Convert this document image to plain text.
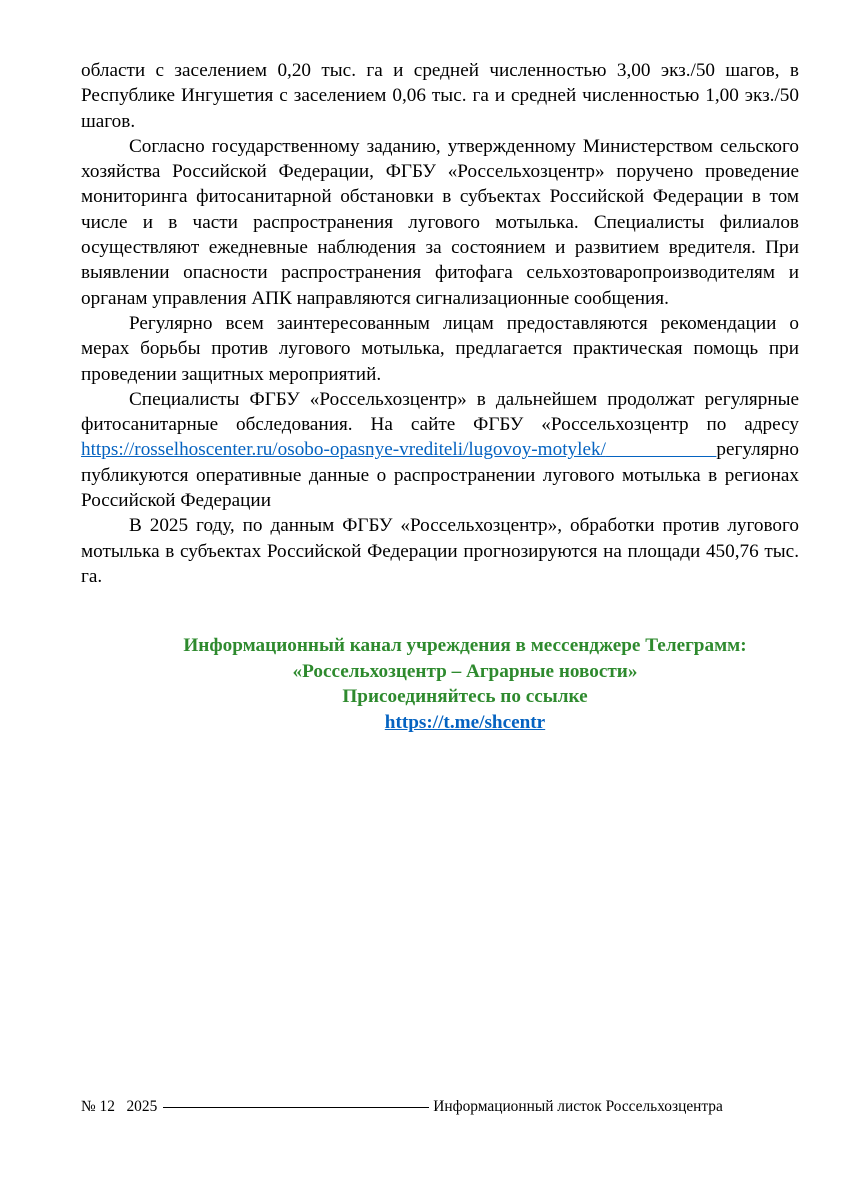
области с заселением 0,20 тыс. га и средней численностью 3,00 экз./50 шагов, в Республике Ингушетия с заселением 0,06 тыс. га и средней численностью 1,00 экз./50 шагов.

Согласно государственному заданию, утвержденному Министерством сельского хозяйства Российской Федерации, ФГБУ «Россельхозцентр» поручено проведение мониторинга фитосанитарной обстановки в субъектах Российской Федерации в том числе и в части распространения лугового мотылька. Специалисты филиалов осуществляют ежедневные наблюдения за состоянием и развитием вредителя. При выявлении опасности распространения фитофага сельхозтоваропроизводителям и органам управления АПК направляются сигнализационные сообщения.

Регулярно всем заинтересованным лицам предоставляются рекомендации о мерах борьбы против лугового мотылька, предлагается практическая помощь при проведении защитных мероприятий.

Специалисты ФГБУ «Россельхозцентр» в дальнейшем продолжат регулярные фитосанитарные обследования. На сайте ФГБУ «Россельхозцентр по адресу https://rosselhoscenter.ru/osobo-opasnye-vrediteli/lugovoy-motylek/	регулярно публикуются оперативные данные о распространении лугового мотылька в регионах Российской Федерации

В 2025 году, по данным ФГБУ «Россельхозцентр», обработки против лугового мотылька в субъектах Российской Федерации прогнозируются на площади 450,76 тыс. га.

Информационный канал учреждения в мессенджере Телеграмм:

«Россельхозцентр – Аграрные новости»

Присоединяйтесь по ссылке

https://t.me/shcentr

№ 12 2025	Информационный листок Россельхозцентра
